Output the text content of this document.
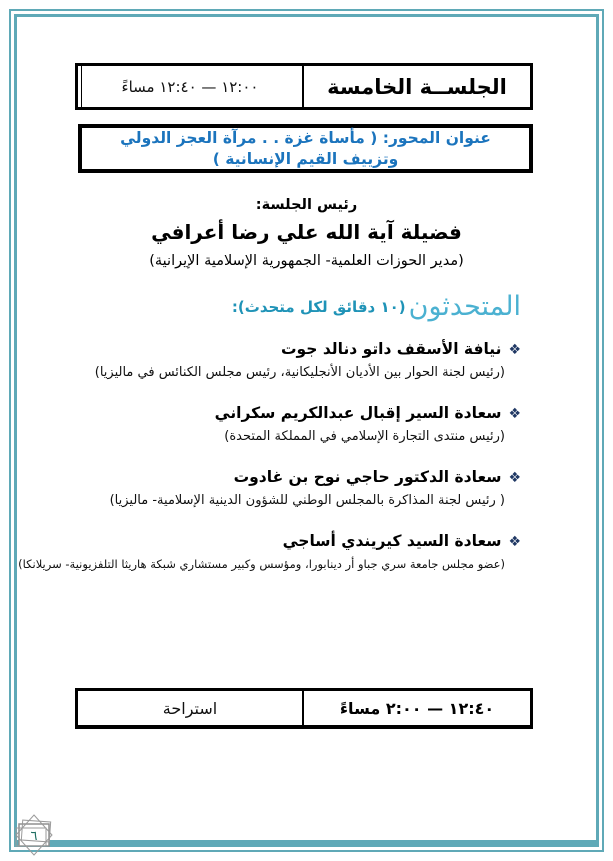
١٢:٠٠ — ١٢:٤٠ مساءً	الجلســة الخامسة
عنوان المحور: ( مأساة غزة . . مرآة العجز الدولي وتزييف القيم الإنسانية )
رئيس الجلسة:
فضيلة آية الله علي رضا أعرافي
(مدير الحوزات العلمية- الجمهورية الإسلامية الإيرانية)
المتحدثون
(١٠ دقائق لكل متحدث):
❖نيافة الأسقف داتو دنالد جوت
(رئيس لجنة الحوار بين الأديان الأنجليكانية، رئيس مجلس الكنائس في ماليزيا)
❖سعادة السير إقبال عبدالكريم سكراني
(رئيس منتدى التجارة الإسلامي في المملكة المتحدة)
❖سعادة الدكتور حاجي نوح بن غادوت
( رئيس لجنة المذاكرة بالمجلس الوطني للشؤون الدينية الإسلامية- ماليزيا)
❖سعادة السيد كيريندي أساجي
(عضو مجلس جامعة سري جباو أر دينابورا، ومؤسس وكبير مستشاري شبكة هاريثا التلفزيونية- سريلانكا)
استراحة	١٢:٤٠ — ٢:٠٠ مساءً
٦
